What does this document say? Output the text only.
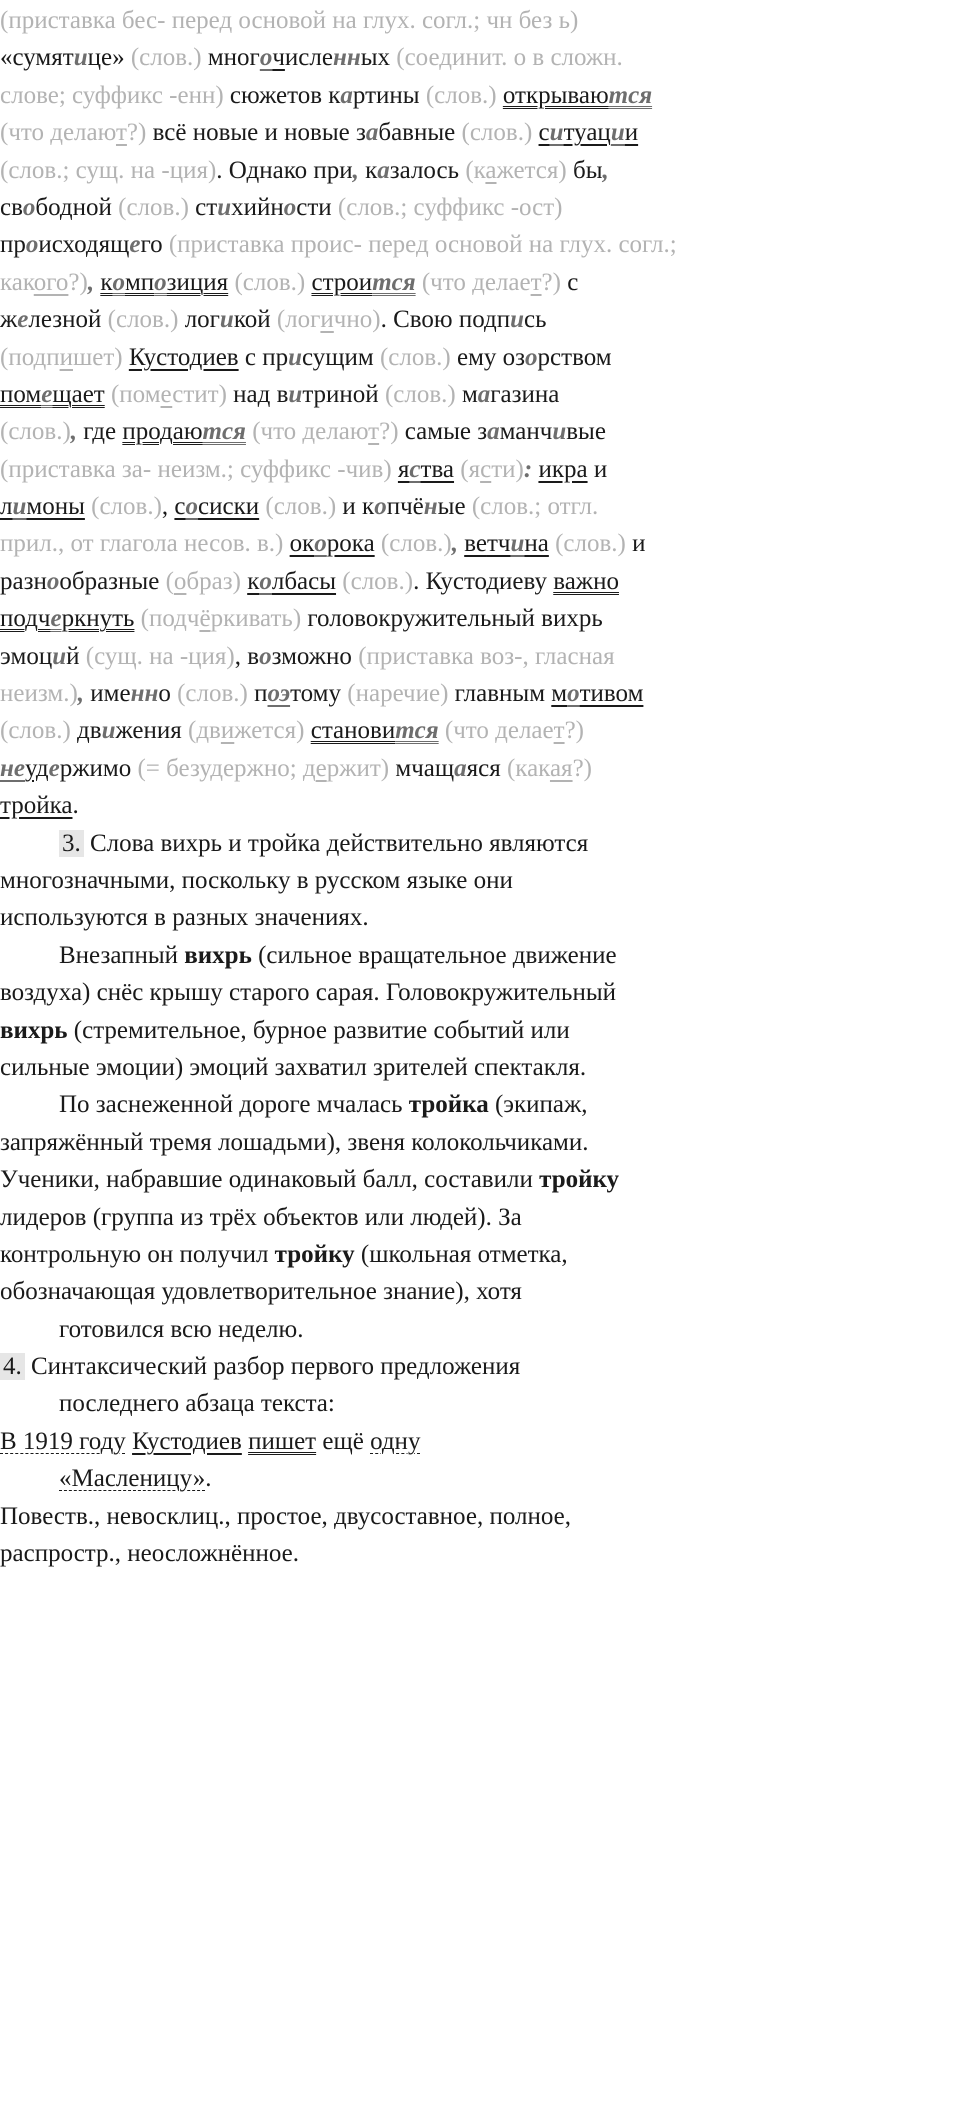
(приставка бес- перед основой на глух. согл.; чн без ь)
«сумятице» (слов.) многочисленных (соединит. о в сложн.
слове; суффикс -енн) сюжетов картины (слов.) открываются
(что делают?) всё новые и новые забавные (слов.) ситуации
(слов.; сущ. на -ция). Однако при, казалось (кажется) бы,
свободной (слов.) стихийности (слов.; суффикс -ост)
происходящего (приставка проис- перед основой на глух. согл.;
какого?), композиция (слов.) строится (что делает?) с
железной (слов.) логикой (логично). Свою подпись
(подпишет) Кустодиев с присущим (слов.) ему озорством
помещает (поместит) над витриной (слов.) магазина
(слов.), где продаются (что делают?) самые заманчивые
(приставка за- неизм.; суффикс -чив) яства (ясти): икра и
лимоны (слов.), сосиски (слов.) и копчёные (слов.; отгл.
прил., от глагола несов. в.) окорока (слов.), ветчина (слов.) и
разнообразные (образ) колбасы (слов.). Кустодиеву важно
подчеркнуть (подчёркивать) головокружительный вихрь
эмоций (сущ. на -ция), возможно (приставка воз-, гласная
неизм.), именно (слов.) поэтому (наречие) главным мотивом
(слов.) движения (движется) становится (что делает?)
неудержимо (= безудержно; держит) мчащаяся (какая?)
тройка.
3. Слова вихрь и тройка действительно являются
многозначными, поскольку в русском языке они
используются в разных значениях.
Внезапный вихрь (сильное вращательное движение
воздуха) снёс крышу старого сарая. Головокружительный
вихрь (стремительное, бурное развитие событий или
сильные эмоции) эмоций захватил зрителей спектакля.
По заснеженной дороге мчалась тройка (экипаж,
запряжённый тремя лошадьми), звеня колокольчиками.
Ученики, набравшие одинаковый балл, составили тройку
лидеров (группа из трёх объектов или людей). За
контрольную он получил тройку (школьная отметка,
обозначающая удовлетворительное знание), хотя
готовился всю неделю.
4. Синтаксический разбор первого предложения
последнего абзаца текста:
В 1919 году Кустодиев пишет ещё одну
«Масленицу».
Повеств., невосклиц., простое, двусоставное, полное,
распростр., неосложнённое.
